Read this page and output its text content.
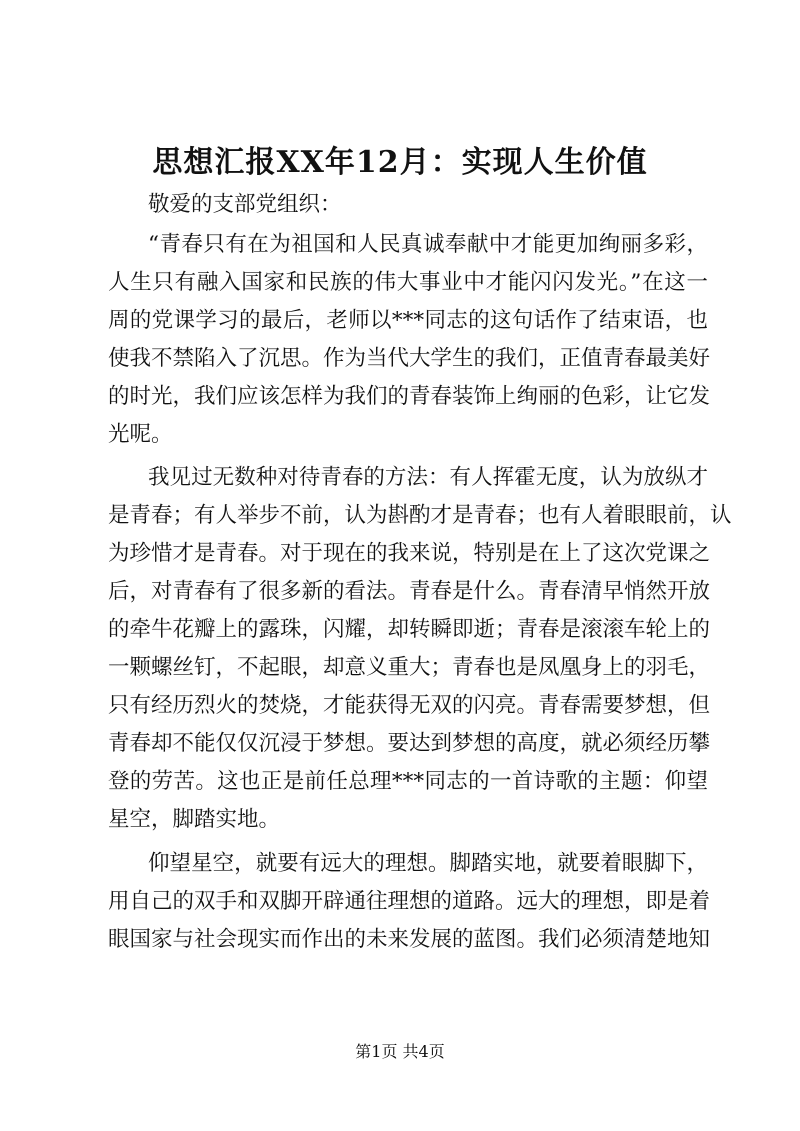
思想汇报XX年12月：实现人生价值
敬爱的支部党组织：
“青春只有在为祖国和人民真诚奉献中才能更加绚丽多彩，
人生只有融入国家和民族的伟大事业中才能闪闪发光。”在这一
周的党课学习的最后，老师以***同志的这句话作了结束语，也
使我不禁陷入了沉思。作为当代大学生的我们，正值青春最美好
的时光，我们应该怎样为我们的青春装饰上绚丽的色彩，让它发
光呢。
我见过无数种对待青春的方法：有人挥霍无度，认为放纵才
是青春；有人举步不前，认为斟酌才是青春；也有人着眼眼前，认
为珍惜才是青春。对于现在的我来说，特别是在上了这次党课之
后，对青春有了很多新的看法。青春是什么。青春清早悄然开放
的牵牛花瓣上的露珠，闪耀，却转瞬即逝；青春是滚滚车轮上的
一颗螺丝钉，不起眼，却意义重大；青春也是凤凰身上的羽毛，
只有经历烈火的焚烧，才能获得无双的闪亮。青春需要梦想，但
青春却不能仅仅沉浸于梦想。要达到梦想的高度，就必须经历攀
登的劳苦。这也正是前任总理***同志的一首诗歌的主题：仰望
星空，脚踏实地。
仰望星空，就要有远大的理想。脚踏实地，就要着眼脚下，
用自己的双手和双脚开辟通往理想的道路。远大的理想，即是着
眼国家与社会现实而作出的未来发展的蓝图。我们必须清楚地知
第1页 共4页
